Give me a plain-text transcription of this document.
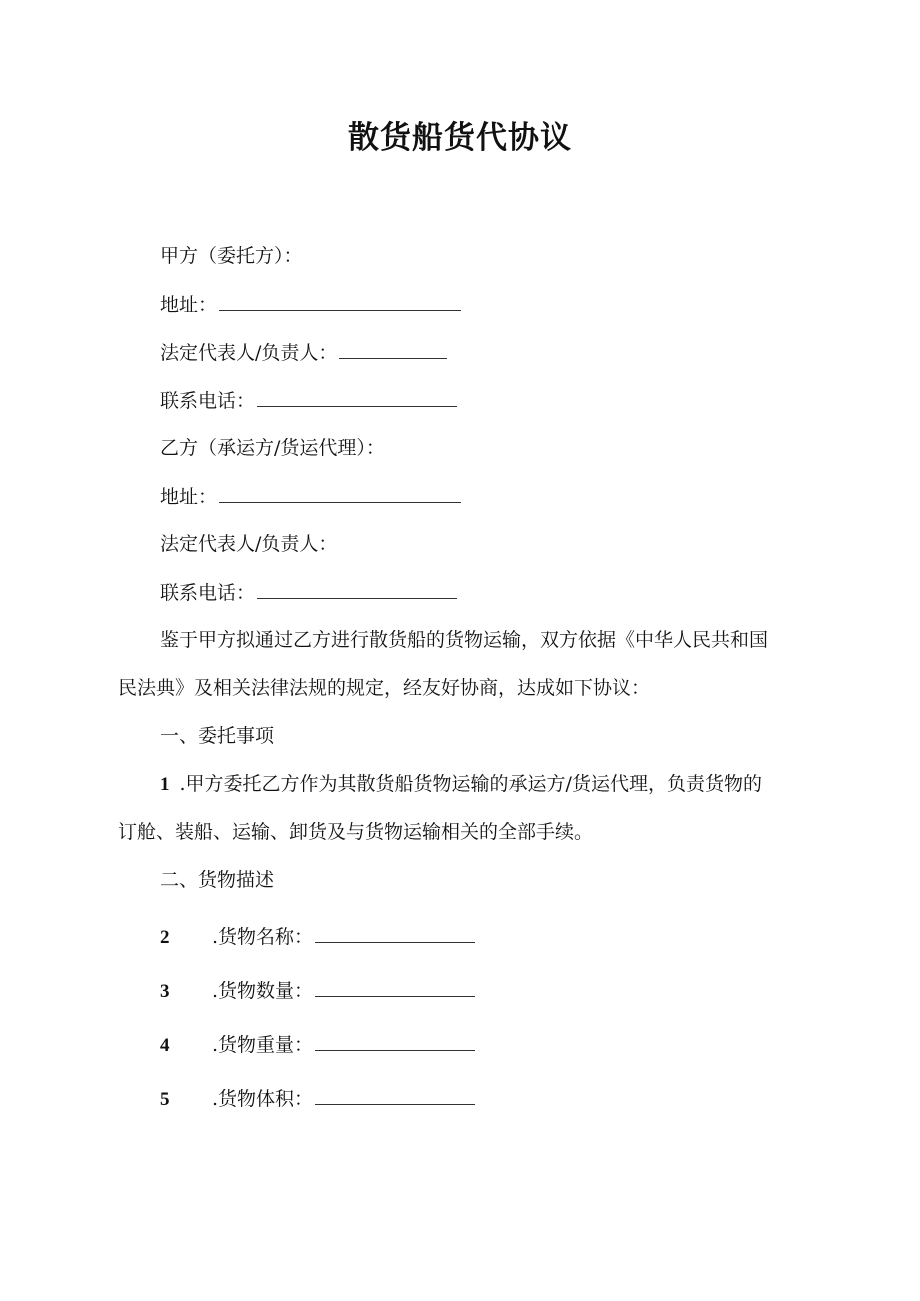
散货船货代协议
甲方（委托方）：
地址：
法定代表人/负责人：
联系电话：
乙方（承运方/货运代理）：
地址：
法定代表人/负责人：
联系电话：
鉴于甲方拟通过乙方进行散货船的货物运输，双方依据《中华人民共和国
民法典》及相关法律法规的规定，经友好协商，达成如下协议：
一、委托事项
1 .甲方委托乙方作为其散货船货物运输的承运方/货运代理，负责货物的
订舱、装船、运输、卸货及与货物运输相关的全部手续。
二、货物描述
2 .货物名称：
3 .货物数量：
4 .货物重量：
5 .货物体积：
